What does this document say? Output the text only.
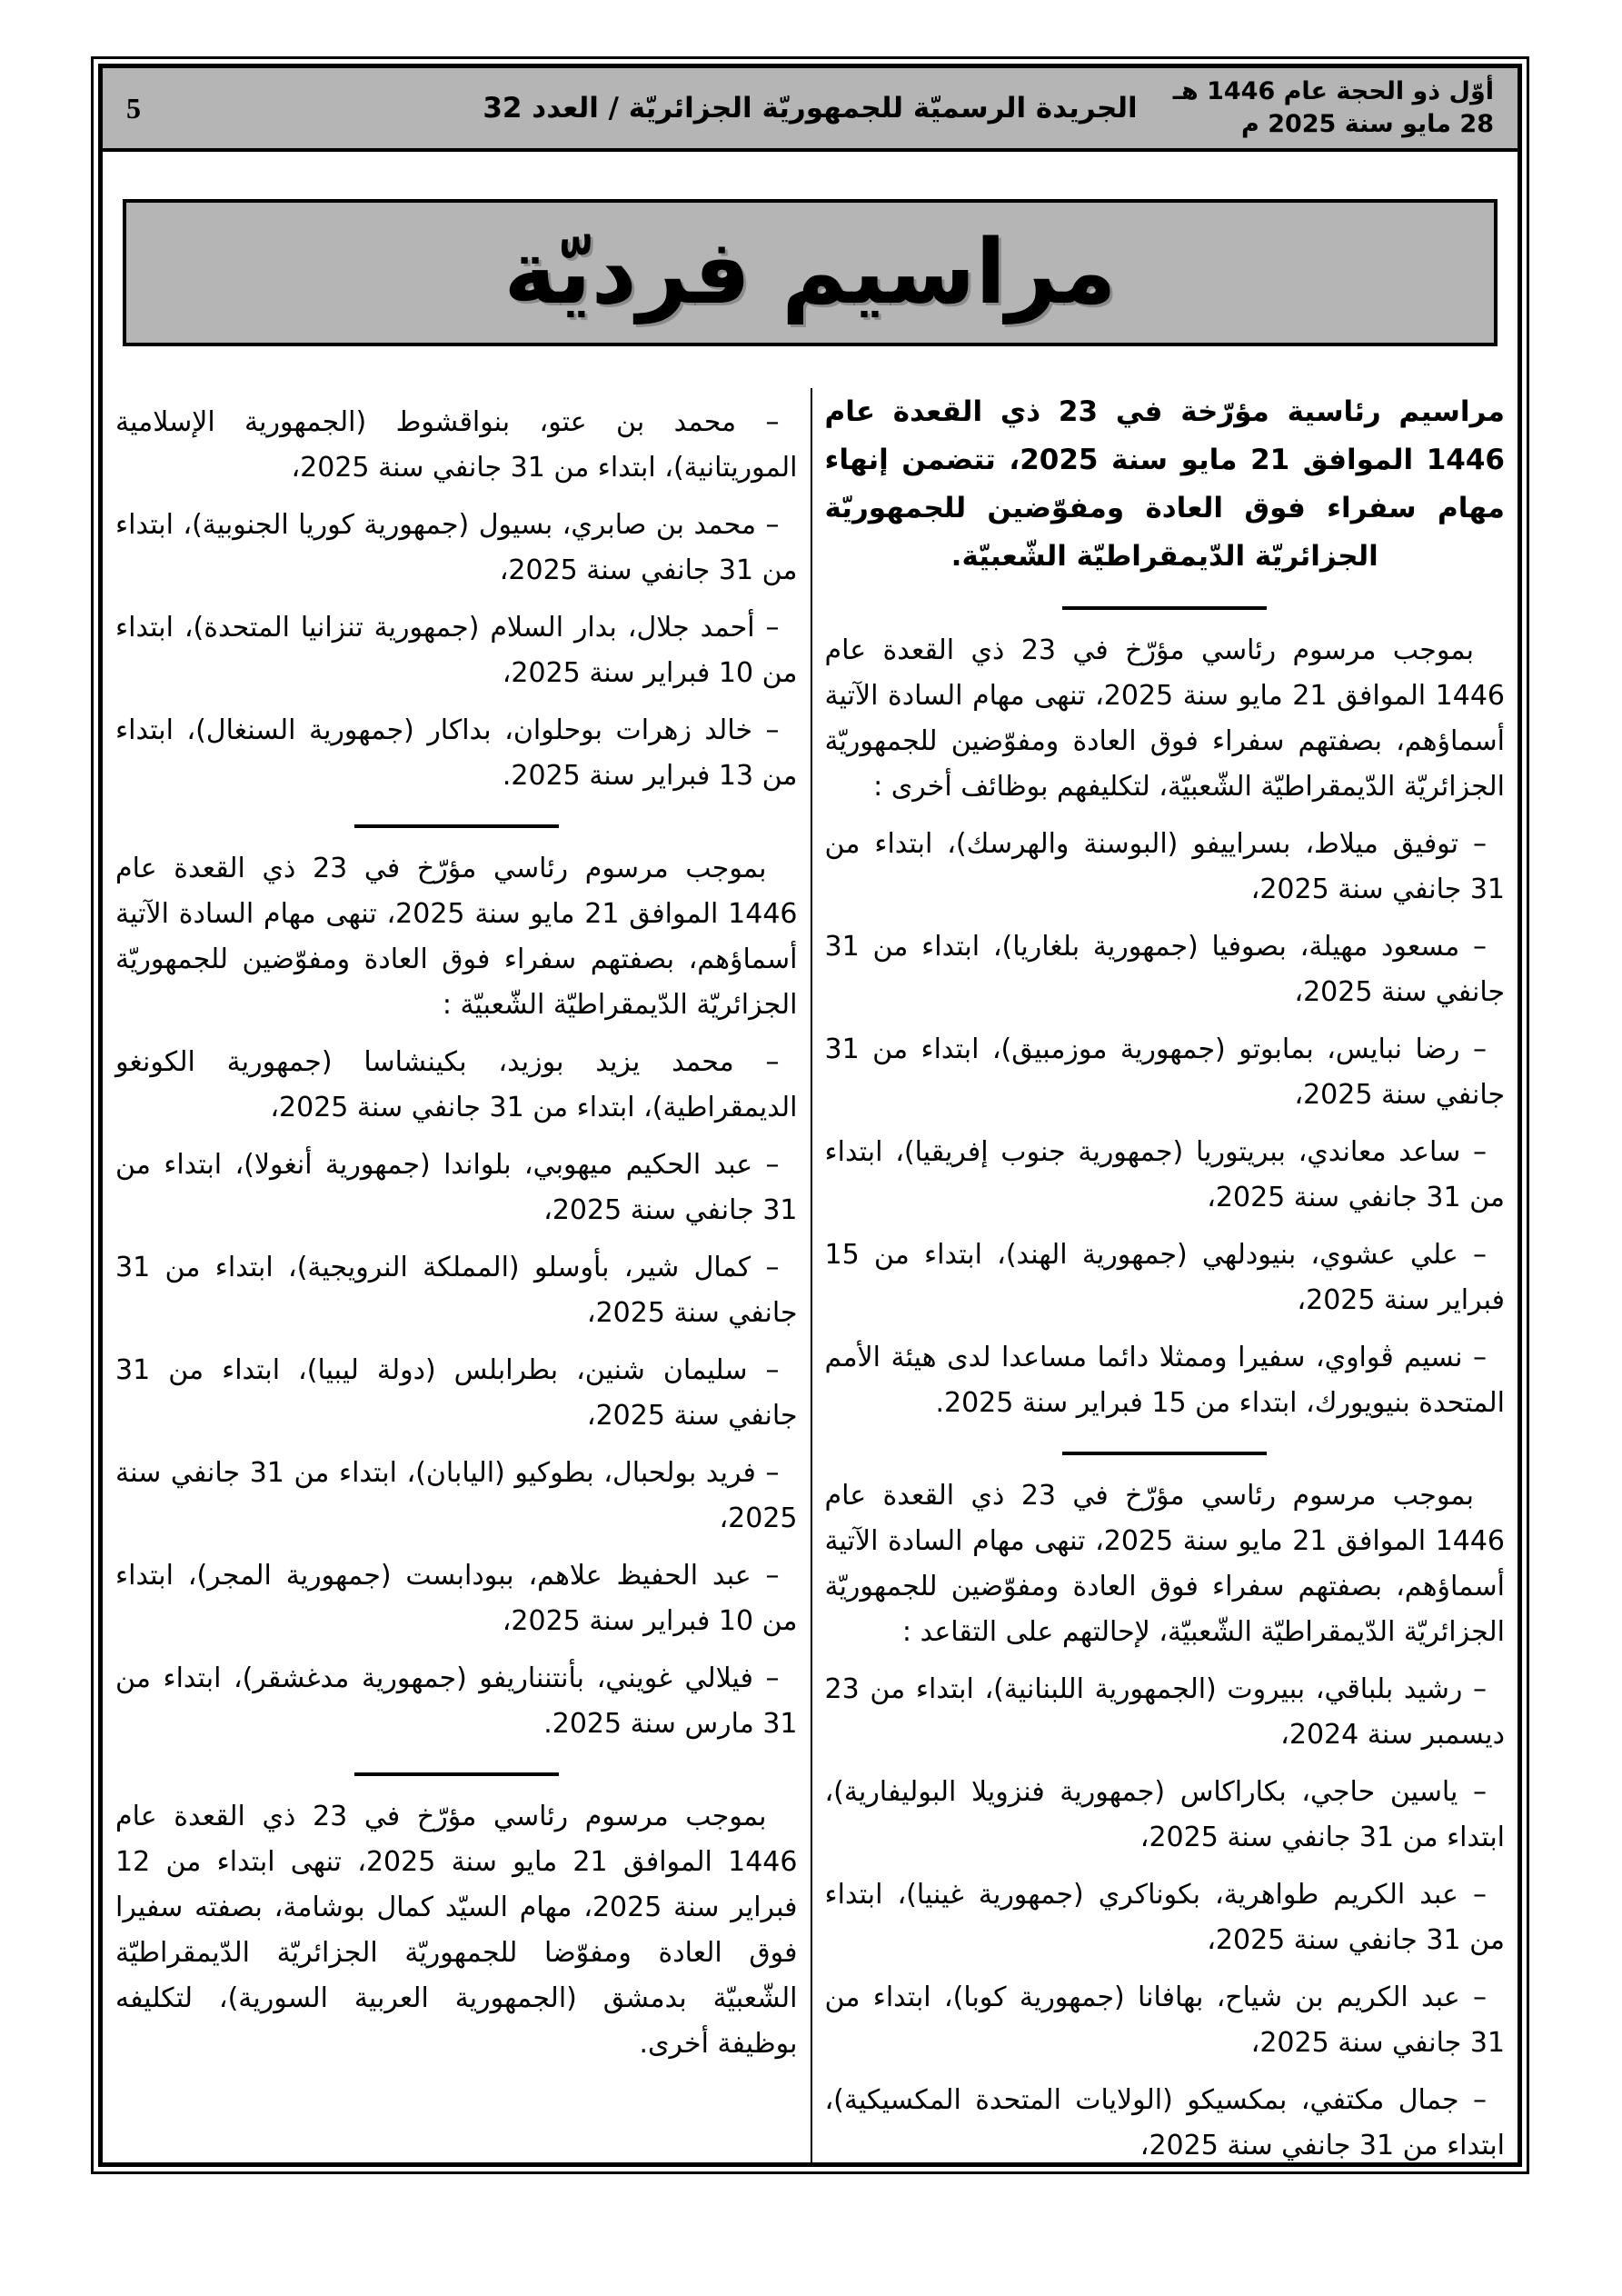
أوّل ذو الحجة عام 1446 هـ
28 مايو سنة 2025 م
الجريدة الرسميّة للجمهوريّة الجزائريّة / العدد 32
5
مراسيم فرديّة

مراسيم رئاسية مؤرّخة في 23 ذي القعدة عام 1446 الموافق 21 مايو سنة 2025، تتضمن إنهاء مهام سفراء فوق العادة ومفوّضين للجمهوريّة الجزائريّة الدّيمقراطيّة الشّعبيّة.

بموجب مرسوم رئاسي مؤرّخ في 23 ذي القعدة عام 1446 الموافق 21 مايو سنة 2025، تنهى مهام السادة الآتية أسماؤهم، بصفتهم سفراء فوق العادة ومفوّضين للجمهوريّة الجزائريّة الدّيمقراطيّة الشّعبيّة، لتكليفهم بوظائف أخرى :

– توفيق ميلاط، بسراييفو (البوسنة والهرسك)، ابتداء من 31 جانفي سنة 2025،

– مسعود مهيلة، بصوفيا (جمهورية بلغاريا)، ابتداء من 31 جانفي سنة 2025،

– رضا نبايس، بمابوتو (جمهورية موزمبيق)، ابتداء من 31 جانفي سنة 2025،

– ساعد معاندي، ببريتوريا (جمهورية جنوب إفريقيا)، ابتداء من 31 جانفي سنة 2025،

– علي عشوي، بنيودلهي (جمهورية الهند)، ابتداء من 15 فبراير سنة 2025،

– نسيم ڤواوي، سفيرا وممثلا دائما مساعدا لدى هيئة الأمم المتحدة بنيويورك، ابتداء من 15 فبراير سنة 2025.

بموجب مرسوم رئاسي مؤرّخ في 23 ذي القعدة عام 1446 الموافق 21 مايو سنة 2025، تنهى مهام السادة الآتية أسماؤهم، بصفتهم سفراء فوق العادة ومفوّضين للجمهوريّة الجزائريّة الدّيمقراطيّة الشّعبيّة، لإحالتهم على التقاعد :

– رشيد بلباقي، ببيروت (الجمهورية اللبنانية)، ابتداء من 23 ديسمبر سنة 2024،

– ياسين حاجي، بكاراكاس (جمهورية فنزويلا البوليفارية)، ابتداء من 31 جانفي سنة 2025،

– عبد الكريم طواهرية، بكوناكري (جمهورية غينيا)، ابتداء من 31 جانفي سنة 2025،

– عبد الكريم بن شياح، بهافانا (جمهورية كوبا)، ابتداء من 31 جانفي سنة 2025،

– جمال مكتفي، بمكسيكو (الولايات المتحدة المكسيكية)، ابتداء من 31 جانفي سنة 2025،

– محمد بن عتو، بنواقشوط (الجمهورية الإسلامية الموريتانية)، ابتداء من 31 جانفي سنة 2025،

– محمد بن صابري، بسيول (جمهورية كوريا الجنوبية)، ابتداء من 31 جانفي سنة 2025،

– أحمد جلال، بدار السلام (جمهورية تنزانيا المتحدة)، ابتداء من 10 فبراير سنة 2025،

– خالد زهرات بوحلوان، بداكار (جمهورية السنغال)، ابتداء من 13 فبراير سنة 2025.

بموجب مرسوم رئاسي مؤرّخ في 23 ذي القعدة عام 1446 الموافق 21 مايو سنة 2025، تنهى مهام السادة الآتية أسماؤهم، بصفتهم سفراء فوق العادة ومفوّضين للجمهوريّة الجزائريّة الدّيمقراطيّة الشّعبيّة :

– محمد يزيد بوزيد، بكينشاسا (جمهورية الكونغو الديمقراطية)، ابتداء من 31 جانفي سنة 2025،

– عبد الحكيم ميهوبي، بلواندا (جمهورية أنغولا)، ابتداء من 31 جانفي سنة 2025،

– كمال شير، بأوسلو (المملكة النرويجية)، ابتداء من 31 جانفي سنة 2025،

– سليمان شنين، بطرابلس (دولة ليبيا)، ابتداء من 31 جانفي سنة 2025،

– فريد بولحبال، بطوكيو (اليابان)، ابتداء من 31 جانفي سنة 2025،

– عبد الحفيظ علاهم، ببودابست (جمهورية المجر)، ابتداء من 10 فبراير سنة 2025،

– فيلالي غويني، بأنتنناريفو (جمهورية مدغشقر)، ابتداء من 31 مارس سنة 2025.

بموجب مرسوم رئاسي مؤرّخ في 23 ذي القعدة عام 1446 الموافق 21 مايو سنة 2025، تنهى ابتداء من 12 فبراير سنة 2025، مهام السيّد كمال بوشامة، بصفته سفيرا فوق العادة ومفوّضا للجمهوريّة الجزائريّة الدّيمقراطيّة الشّعبيّة بدمشق (الجمهورية العربية السورية)، لتكليفه بوظيفة أخرى.
